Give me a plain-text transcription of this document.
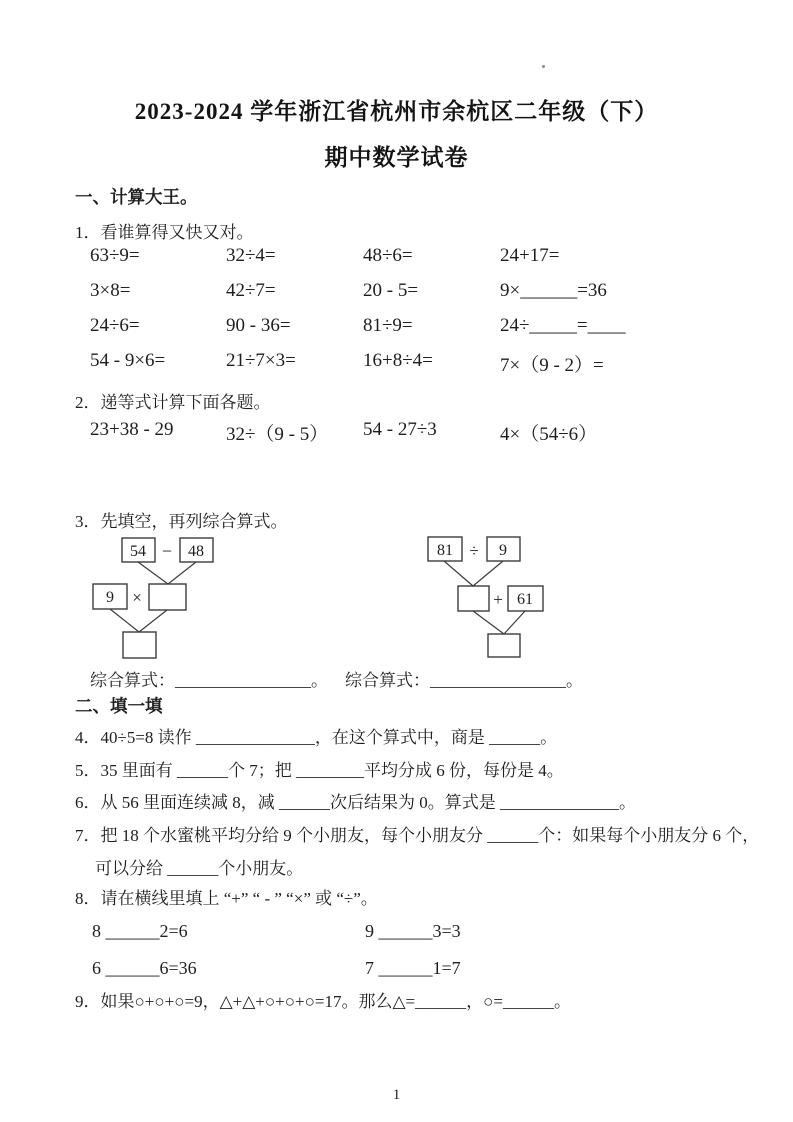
2023-2024 学年浙江省杭州市余杭区二年级（下）
期中数学试卷
一、计算大王。
1．看谁算得又快又对。
63÷9=	32÷4=	48÷6=	24+17=
3×8=	42÷7=	20 - 5=	9×______=36
24÷6=	90 - 36=	81÷9=	24÷_____=____
54 - 9×6=	21÷7×3=	16+8÷4=	7×（9 - 2）=
2．递等式计算下面各题。
23+38 - 29	32÷（9 - 5）	54 - 27÷3	4×（54÷6）
3．先填空，再列综合算式。
54 − 48
9 ×
81 ÷ 9
+ 61
综合算式：________________。 综合算式：________________。
二、填一填
4．40÷5=8 读作 ______________，在这个算式中，商是 ______。
5．35 里面有 ______个 7；把 ________平均分成 6 份，每份是 4。
6．从 56 里面连续减 8，减 ______次后结果为 0。算式是 ______________。
7．把 18 个水蜜桃平均分给 9 个小朋友，每个小朋友分 ______个：如果每个小朋友分 6 个，
可以分给 ______个小朋友。
8．请在横线里填上 “+” “ - ” “×” 或 “÷”。
8 ______2=6	9 ______3=3
6 ______6=36	7 ______1=7
9．如果○+○+○=9，△+△+○+○+○=17。那么△=______，○=______。
1
